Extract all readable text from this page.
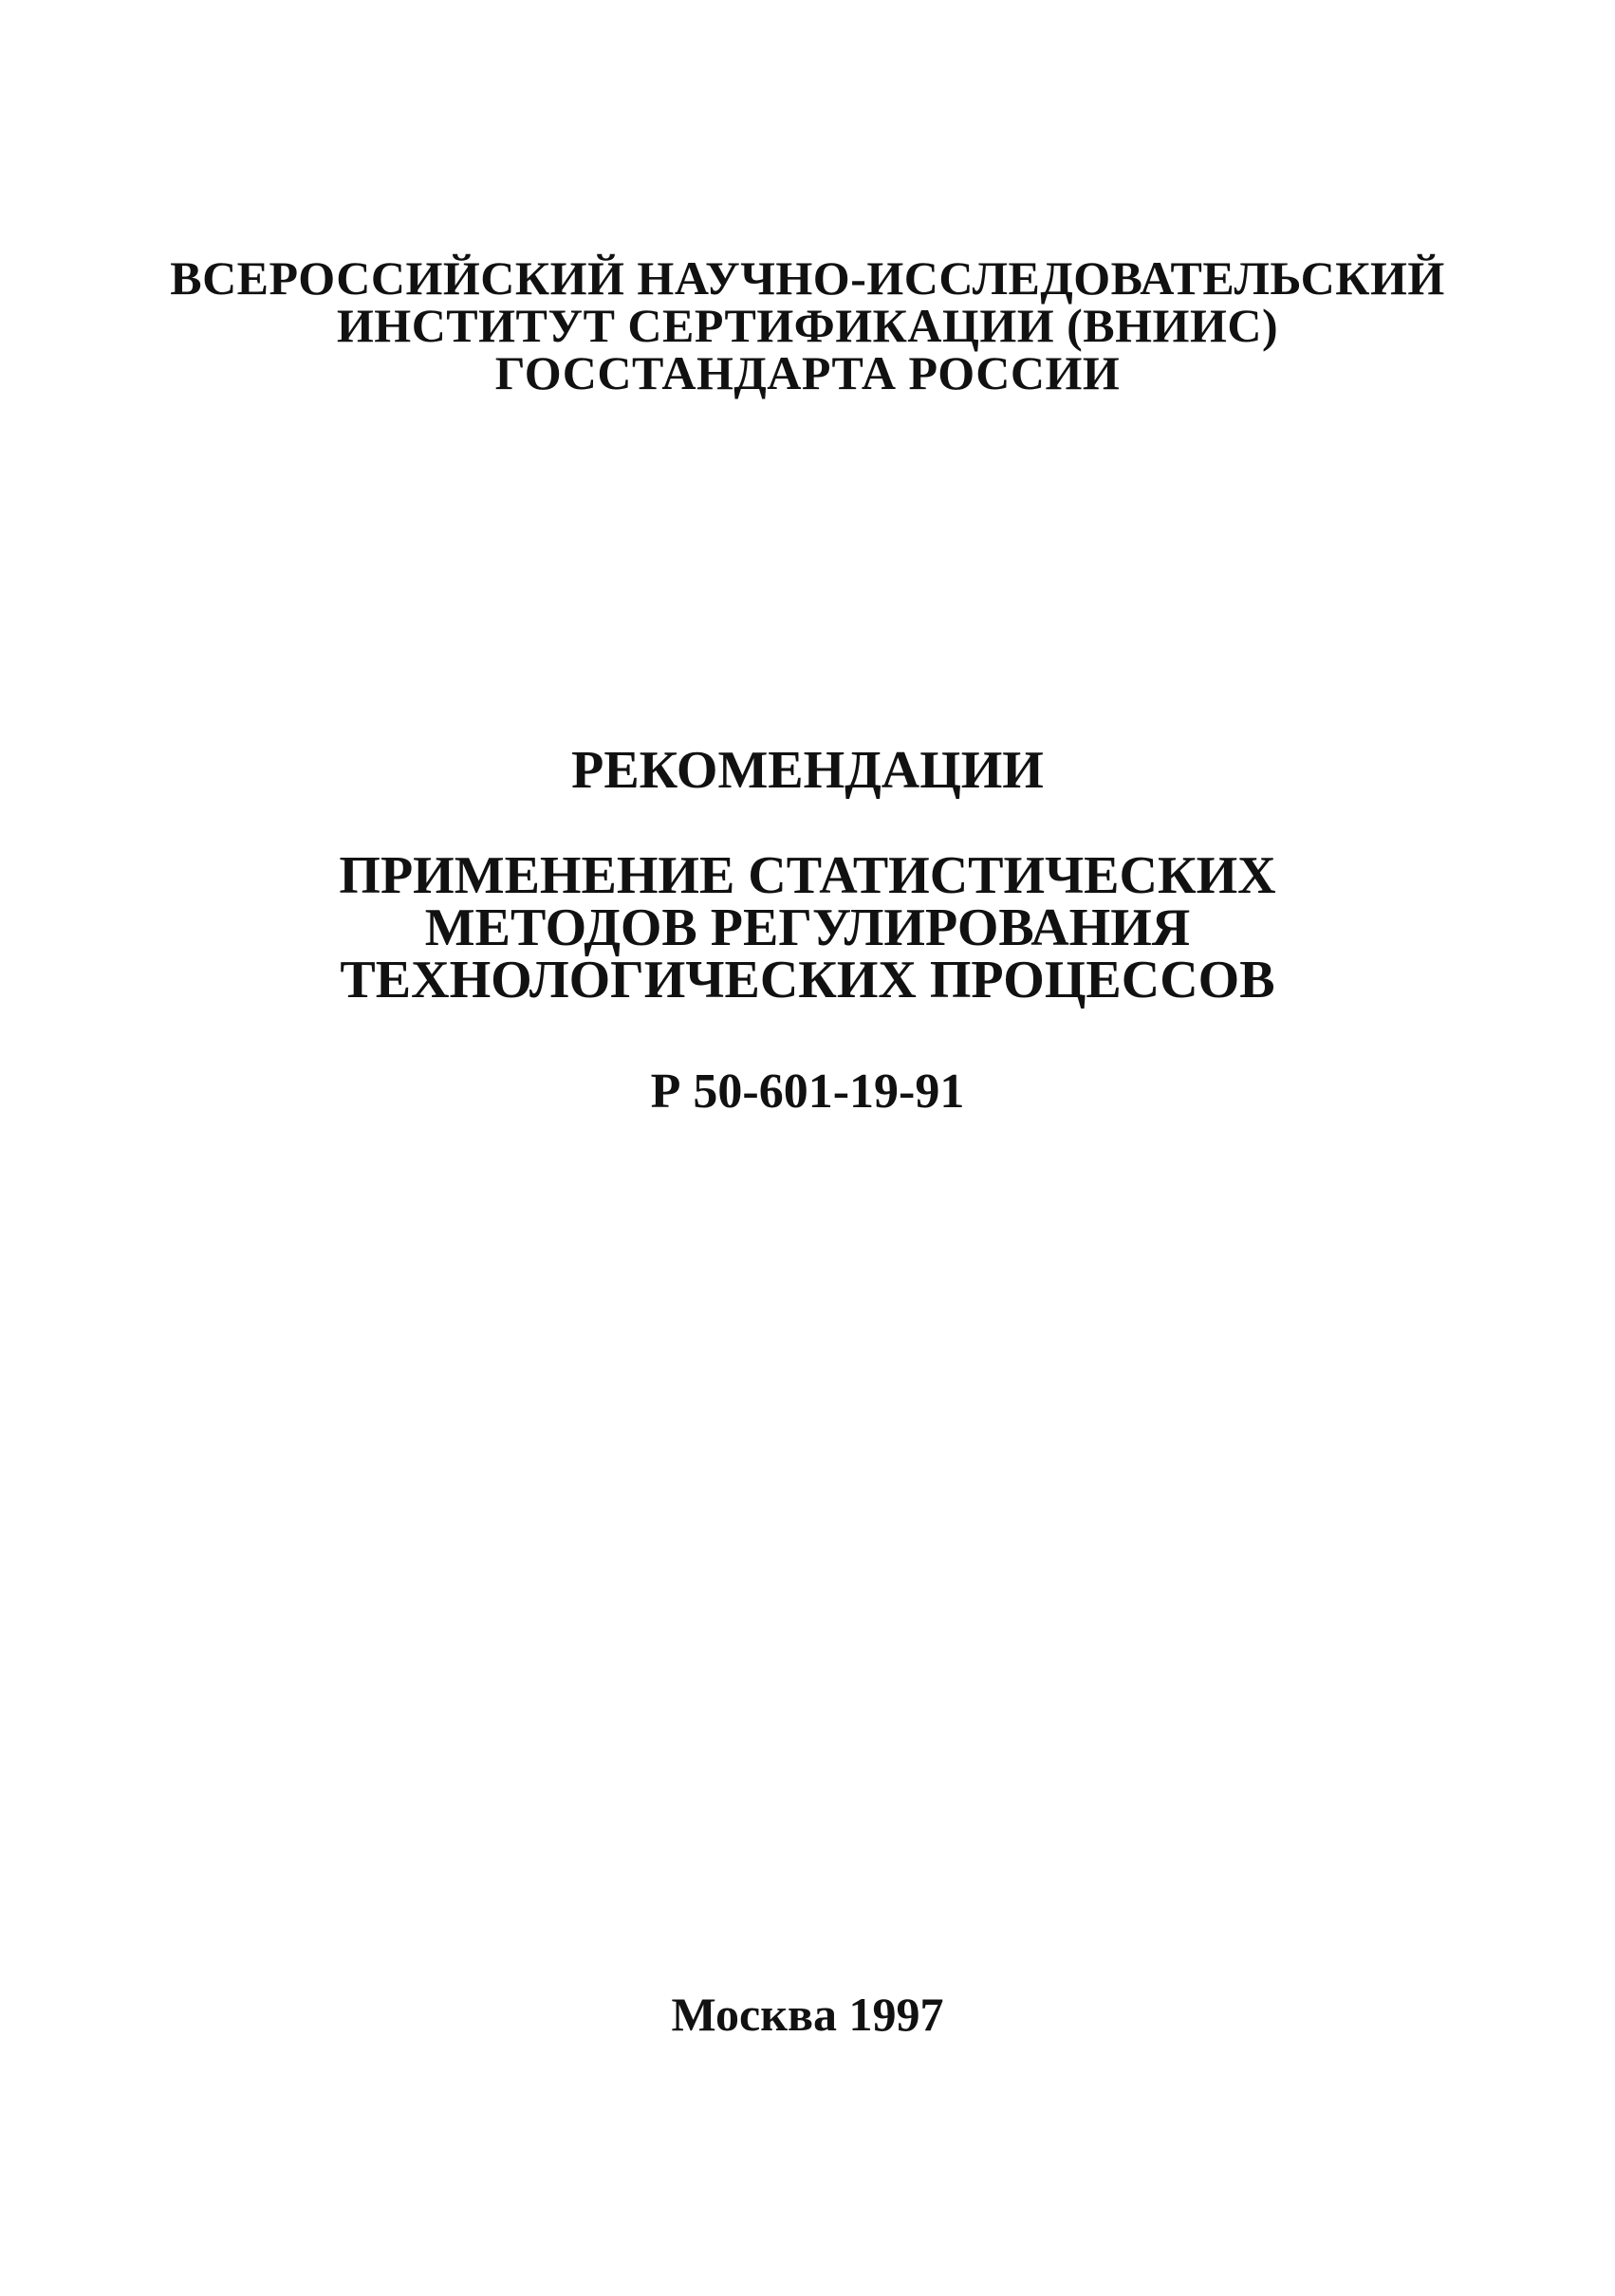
ВСЕРОССИЙСКИЙ НАУЧНО-ИССЛЕДОВАТЕЛЬСКИЙ
ИНСТИТУТ СЕРТИФИКАЦИИ (ВНИИС)
ГОССТАНДАРТА РОССИИ
РЕКОМЕНДАЦИИ
ПРИМЕНЕНИЕ СТАТИСТИЧЕСКИХ
МЕТОДОВ РЕГУЛИРОВАНИЯ
ТЕХНОЛОГИЧЕСКИХ ПРОЦЕССОВ
Р 50-601-19-91
Москва 1997
